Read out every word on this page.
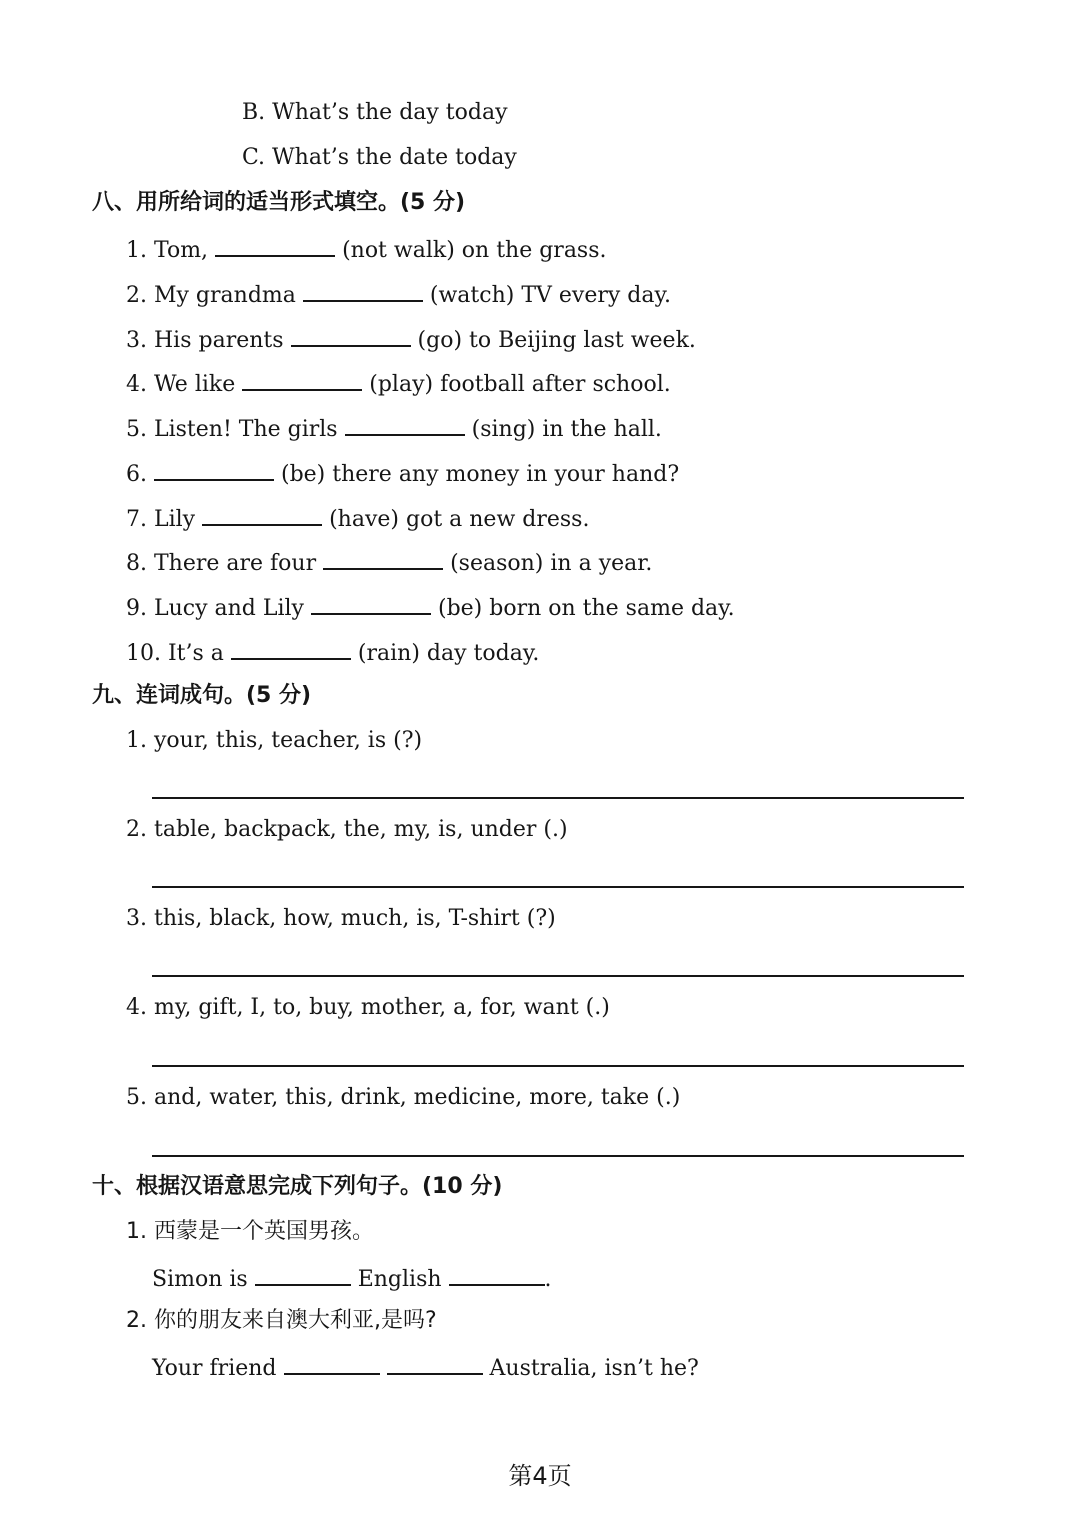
B. What’s the day today
C. What’s the date today
八、用所给词的适当形式填空。(5 分)
1. Tom,	(not walk) on the grass.
2. My grandma	(watch) TV every day.
3. His parents	(go) to Beijing last week.
4. We like	(play) football after school.
5. Listen! The girls	(sing) in the hall.
6.	(be) there any money in your hand?
7. Lily	(have) got a new dress.
8. There are four	(season) in a year.
9. Lucy and Lily	(be) born on the same day.
10. It’s a	(rain) day today.
九、连词成句。(5 分)
1. your, this, teacher, is (?)
2. table, backpack, the, my, is, under (.)
3. this, black, how, much, is, T-shirt (?)
4. my, gift, I, to, buy, mother, a, for, want (.)
5. and, water, this, drink, medicine, more, take (.)
十、根据汉语意思完成下列句子。(10 分)
1. 西蒙是一个英国男孩。
Simon is	English	.
2. 你的朋友来自澳大利亚,是吗?
Your friend	Australia, isn’t he?
第4页
